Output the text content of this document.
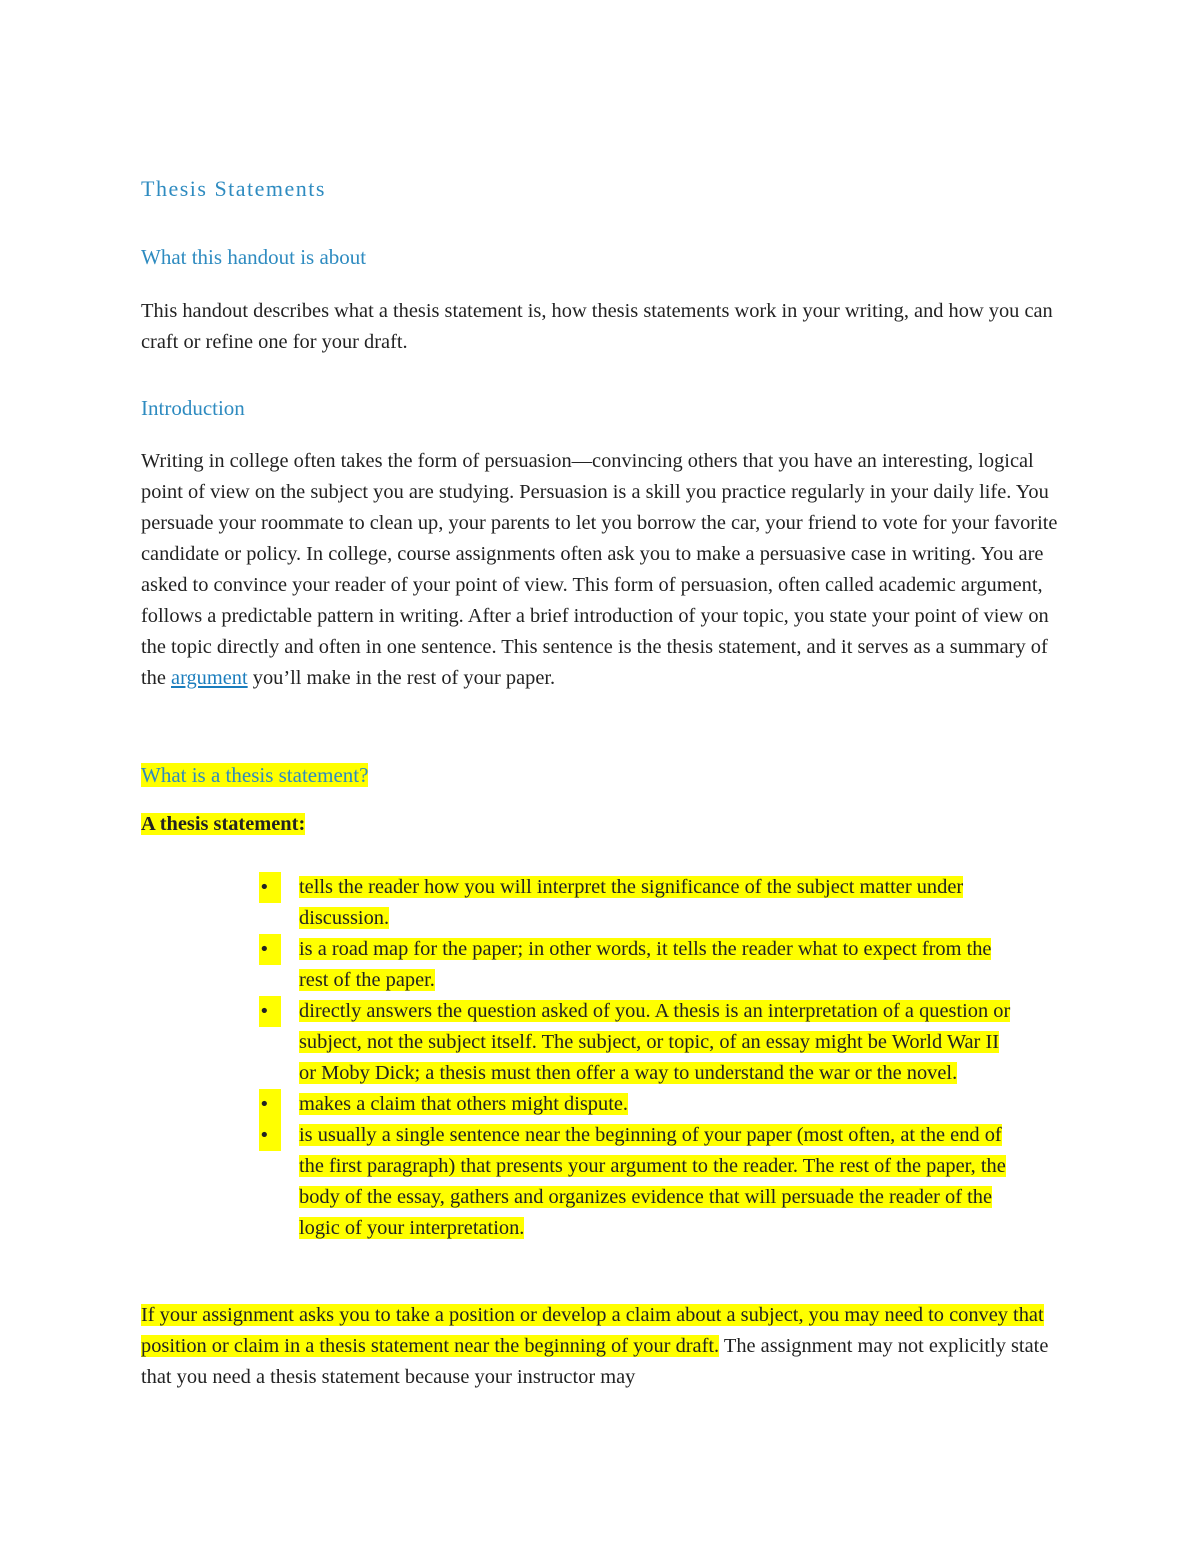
Thesis Statements
What this handout is about

This handout describes what a thesis statement is, how thesis statements work in your writing, and how you can craft or refine one for your draft.

Introduction

Writing in college often takes the form of persuasion—convincing others that you have an interesting, logical point of view on the subject you are studying. Persuasion is a skill you practice regularly in your daily life. You persuade your roommate to clean up, your parents to let you borrow the car, your friend to vote for your favorite candidate or policy. In college, course assignments often ask you to make a persuasive case in writing. You are asked to convince your reader of your point of view. This form of persuasion, often called academic argument, follows a predictable pattern in writing. After a brief introduction of your topic, you state your point of view on the topic directly and often in one sentence. This sentence is the thesis statement, and it serves as a summary of the argument you’ll make in the rest of your paper.

What is a thesis statement?

A thesis statement:

•	tells the reader how you will interpret the significance of the subject matter under discussion.
•	is a road map for the paper; in other words, it tells the reader what to expect from the rest of the paper.
•	directly answers the question asked of you. A thesis is an interpretation of a question or subject, not the subject itself. The subject, or topic, of an essay might be World War II or Moby Dick; a thesis must then offer a way to understand the war or the novel.
•	makes a claim that others might dispute.
•	is usually a single sentence near the beginning of your paper (most often, at the end of the first paragraph) that presents your argument to the reader. The rest of the paper, the body of the essay, gathers and organizes evidence that will persuade the reader of the logic of your interpretation.

If your assignment asks you to take a position or develop a claim about a subject, you may need to convey that position or claim in a thesis statement near the beginning of your draft. The assignment may not explicitly state that you need a thesis statement because your instructor may
